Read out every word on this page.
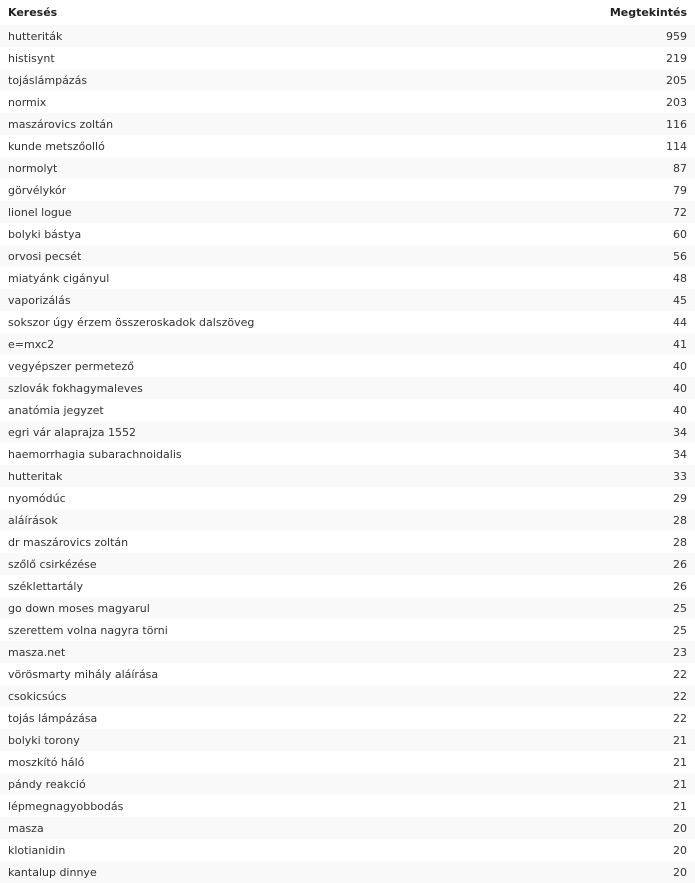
Keresés	Megtekintés
hutteriták	959
histisynt	219
tojáslámpázás	205
normix	203
maszárovics zoltán	116
kunde metszőolló	114
normolyt	87
görvélykór	79
lionel logue	72
bolyki bástya	60
orvosi pecsét	56
miatyánk cigányul	48
vaporizálás	45
sokszor úgy érzem összeroskadok dalszöveg	44
e=mxc2	41
vegyépszer permetező	40
szlovák fokhagymaleves	40
anatómia jegyzet	40
egri vár alaprajza 1552	34
haemorrhagia subarachnoidalis	34
hutteritak	33
nyomódúc	29
aláírások	28
dr maszárovics zoltán	28
szőlő csirkézése	26
széklettartály	26
go down moses magyarul	25
szerettem volna nagyra törni	25
masza.net	23
vörösmarty mihály aláírása	22
csokicsúcs	22
tojás lámpázása	22
bolyki torony	21
moszkító háló	21
pándy reakció	21
lépmegnagyobbodás	21
masza	20
klotianidin	20
kantalup dinnye	20
